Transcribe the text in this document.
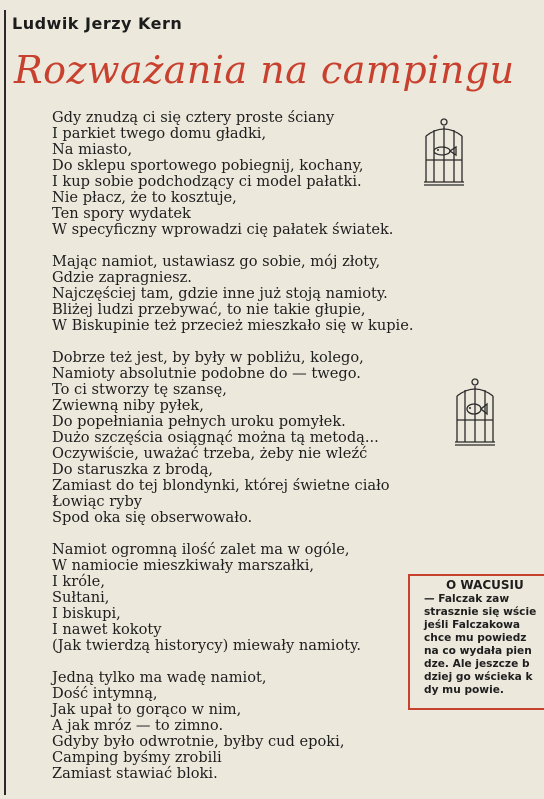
Ludwik Jerzy Kern
Rozważania na campingu
Gdy znudzą ci się cztery proste ściany
I parkiet twego domu gładki,
Na miasto,
Do sklepu sportowego pobiegnij, kochany,
I kup sobie podchodzący ci model pałatki.
Nie płacz, że to kosztuje,
Ten spory wydatek
W specyficzny wprowadzi cię pałatek światek.
Mając namiot, ustawiasz go sobie, mój złoty,
Gdzie zapragniesz.
Najczęściej tam, gdzie inne już stoją namioty.
Bliżej ludzi przebywać, to nie takie głupie,
W Biskupinie też przecież mieszkało się w kupie.
Dobrze też jest, by były w pobliżu, kolego,
Namioty absolutnie podobne do — twego.
To ci stworzy tę szansę,
Zwiewną niby pyłek,
Do popełniania pełnych uroku pomyłek.
Dużo szczęścia osiągnąć można tą metodą...
Oczywiście, uważać trzeba, żeby nie wleźć
Do staruszka z brodą,
Zamiast do tej blondynki, której świetne ciało
Łowiąc ryby
Spod oka się obserwowało.
Namiot ogromną ilość zalet ma w ogóle,
W namiocie mieszkiwały marszałki,
I króle,
Sułtani,
I biskupi,
I nawet kokoty
(Jak twierdzą historycy) miewały namioty.
Jedną tylko ma wadę namiot,
Dość intymną,
Jak upał to gorąco w nim,
A jak mróz — to zimno.
Gdyby było odwrotnie, byłby cud epoki,
Camping byśmy zrobili
Zamiast stawiać bloki.
O WACUSIU
— Falczak zaw
strasznie się wście
jeśli Falczakowa
chce mu powiedz
na co wydała pien
dze. Ale jeszcze b
dziej go wścieka k
dy mu powie.
